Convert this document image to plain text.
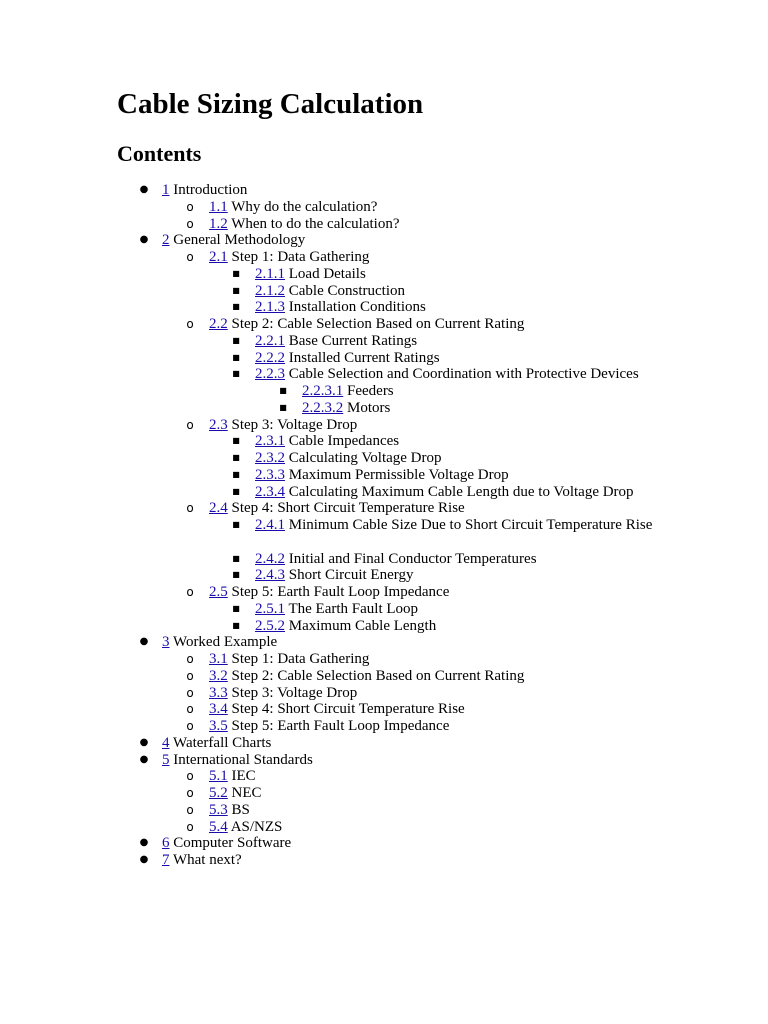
Cable Sizing Calculation
Contents
● 1 Introduction
o 1.1 Why do the calculation?
o 1.2 When to do the calculation?
● 2 General Methodology
o 2.1 Step 1: Data Gathering
■ 2.1.1 Load Details
■ 2.1.2 Cable Construction
■ 2.1.3 Installation Conditions
o 2.2 Step 2: Cable Selection Based on Current Rating
■ 2.2.1 Base Current Ratings
■ 2.2.2 Installed Current Ratings
■ 2.2.3 Cable Selection and Coordination with Protective Devices
■ 2.2.3.1 Feeders
■ 2.2.3.2 Motors
o 2.3 Step 3: Voltage Drop
■ 2.3.1 Cable Impedances
■ 2.3.2 Calculating Voltage Drop
■ 2.3.3 Maximum Permissible Voltage Drop
■ 2.3.4 Calculating Maximum Cable Length due to Voltage Drop
o 2.4 Step 4: Short Circuit Temperature Rise
■ 2.4.1 Minimum Cable Size Due to Short Circuit Temperature Rise
■ 2.4.2 Initial and Final Conductor Temperatures
■ 2.4.3 Short Circuit Energy
o 2.5 Step 5: Earth Fault Loop Impedance
■ 2.5.1 The Earth Fault Loop
■ 2.5.2 Maximum Cable Length
● 3 Worked Example
o 3.1 Step 1: Data Gathering
o 3.2 Step 2: Cable Selection Based on Current Rating
o 3.3 Step 3: Voltage Drop
o 3.4 Step 4: Short Circuit Temperature Rise
o 3.5 Step 5: Earth Fault Loop Impedance
● 4 Waterfall Charts
● 5 International Standards
o 5.1 IEC
o 5.2 NEC
o 5.3 BS
o 5.4 AS/NZS
● 6 Computer Software
● 7 What next?
